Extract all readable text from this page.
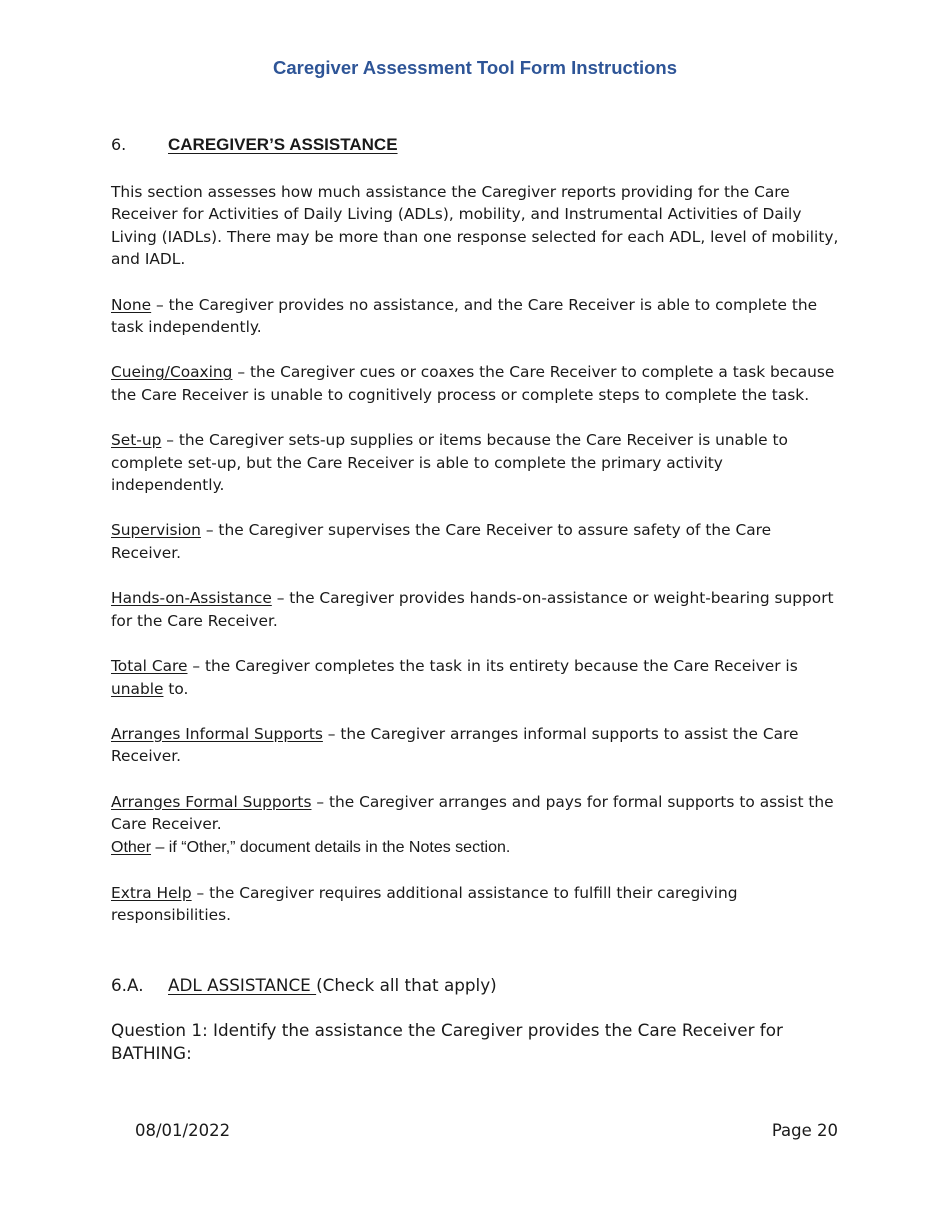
Caregiver Assessment Tool Form Instructions
6. CAREGIVER’S ASSISTANCE

This section assesses how much assistance the Caregiver reports providing for the Care Receiver for Activities of Daily Living (ADLs), mobility, and Instrumental Activities of Daily Living (IADLs). There may be more than one response selected for each ADL, level of mobility, and IADL.

None – the Caregiver provides no assistance, and the Care Receiver is able to complete the task independently.

Cueing/Coaxing – the Caregiver cues or coaxes the Care Receiver to complete a task because the Care Receiver is unable to cognitively process or complete steps to complete the task.

Set-up – the Caregiver sets-up supplies or items because the Care Receiver is unable to complete set-up, but the Care Receiver is able to complete the primary activity independently.

Supervision – the Caregiver supervises the Care Receiver to assure safety of the Care Receiver.

Hands-on-Assistance – the Caregiver provides hands-on-assistance or weight-bearing support for the Care Receiver.

Total Care – the Caregiver completes the task in its entirety because the Care Receiver is unable to.

Arranges Informal Supports – the Caregiver arranges informal supports to assist the Care Receiver.

Arranges Formal Supports – the Caregiver arranges and pays for formal supports to assist the Care Receiver.

Other – if “Other,” document details in the Notes section.

Extra Help – the Caregiver requires additional assistance to fulfill their caregiving responsibilities.

6.A. ADL ASSISTANCE (Check all that apply)

Question 1: Identify the assistance the Caregiver provides the Care Receiver for BATHING:

08/01/2022	Page 20
